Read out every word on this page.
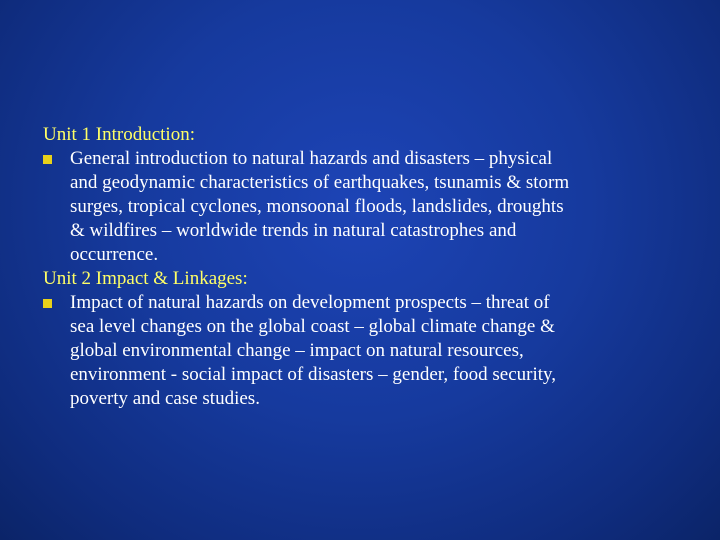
Unit 1 Introduction:

General introduction to natural hazards and disasters – physical
and geodynamic characteristics of earthquakes, tsunamis & storm
surges, tropical cyclones, monsoonal floods, landslides, droughts
& wildfires – worldwide trends in natural catastrophes and
occurrence.

Unit 2 Impact & Linkages:

Impact of natural hazards on development prospects – threat of
sea level changes on the global coast – global climate change &
global environmental change – impact on natural resources,
environment - social impact of disasters – gender, food security,
poverty and case studies.
